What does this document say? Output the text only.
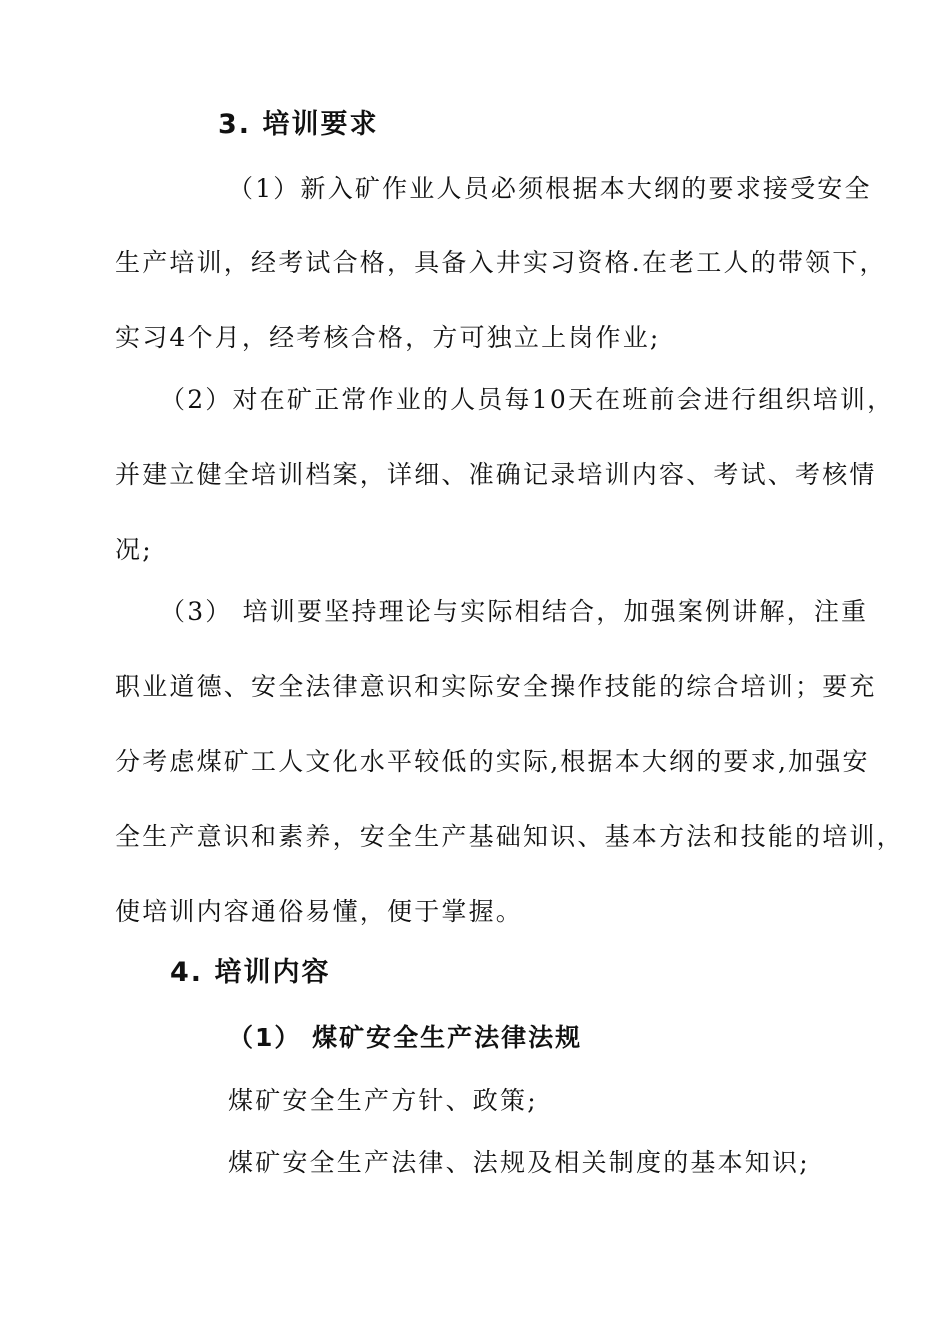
3. 培训要求
（1）新入矿作业人员必须根据本大纲的要求接受安全
生产培训，经考试合格，具备入井实习资格.在老工人的带领下，
实习4个月，经考核合格，方可独立上岗作业;
（2）对在矿正常作业的人员每10天在班前会进行组织培训，
并建立健全培训档案，详细、准确记录培训内容、考试、考核情
况;
（3） 培训要坚持理论与实际相结合，加强案例讲解，注重
职业道德、安全法律意识和实际安全操作技能的综合培训；要充
分考虑煤矿工人文化水平较低的实际,根据本大纲的要求,加强安
全生产意识和素养，安全生产基础知识、基本方法和技能的培训，
使培训内容通俗易懂，便于掌握。
4. 培训内容
（1） 煤矿安全生产法律法规
煤矿安全生产方针、政策;
煤矿安全生产法律、法规及相关制度的基本知识;
